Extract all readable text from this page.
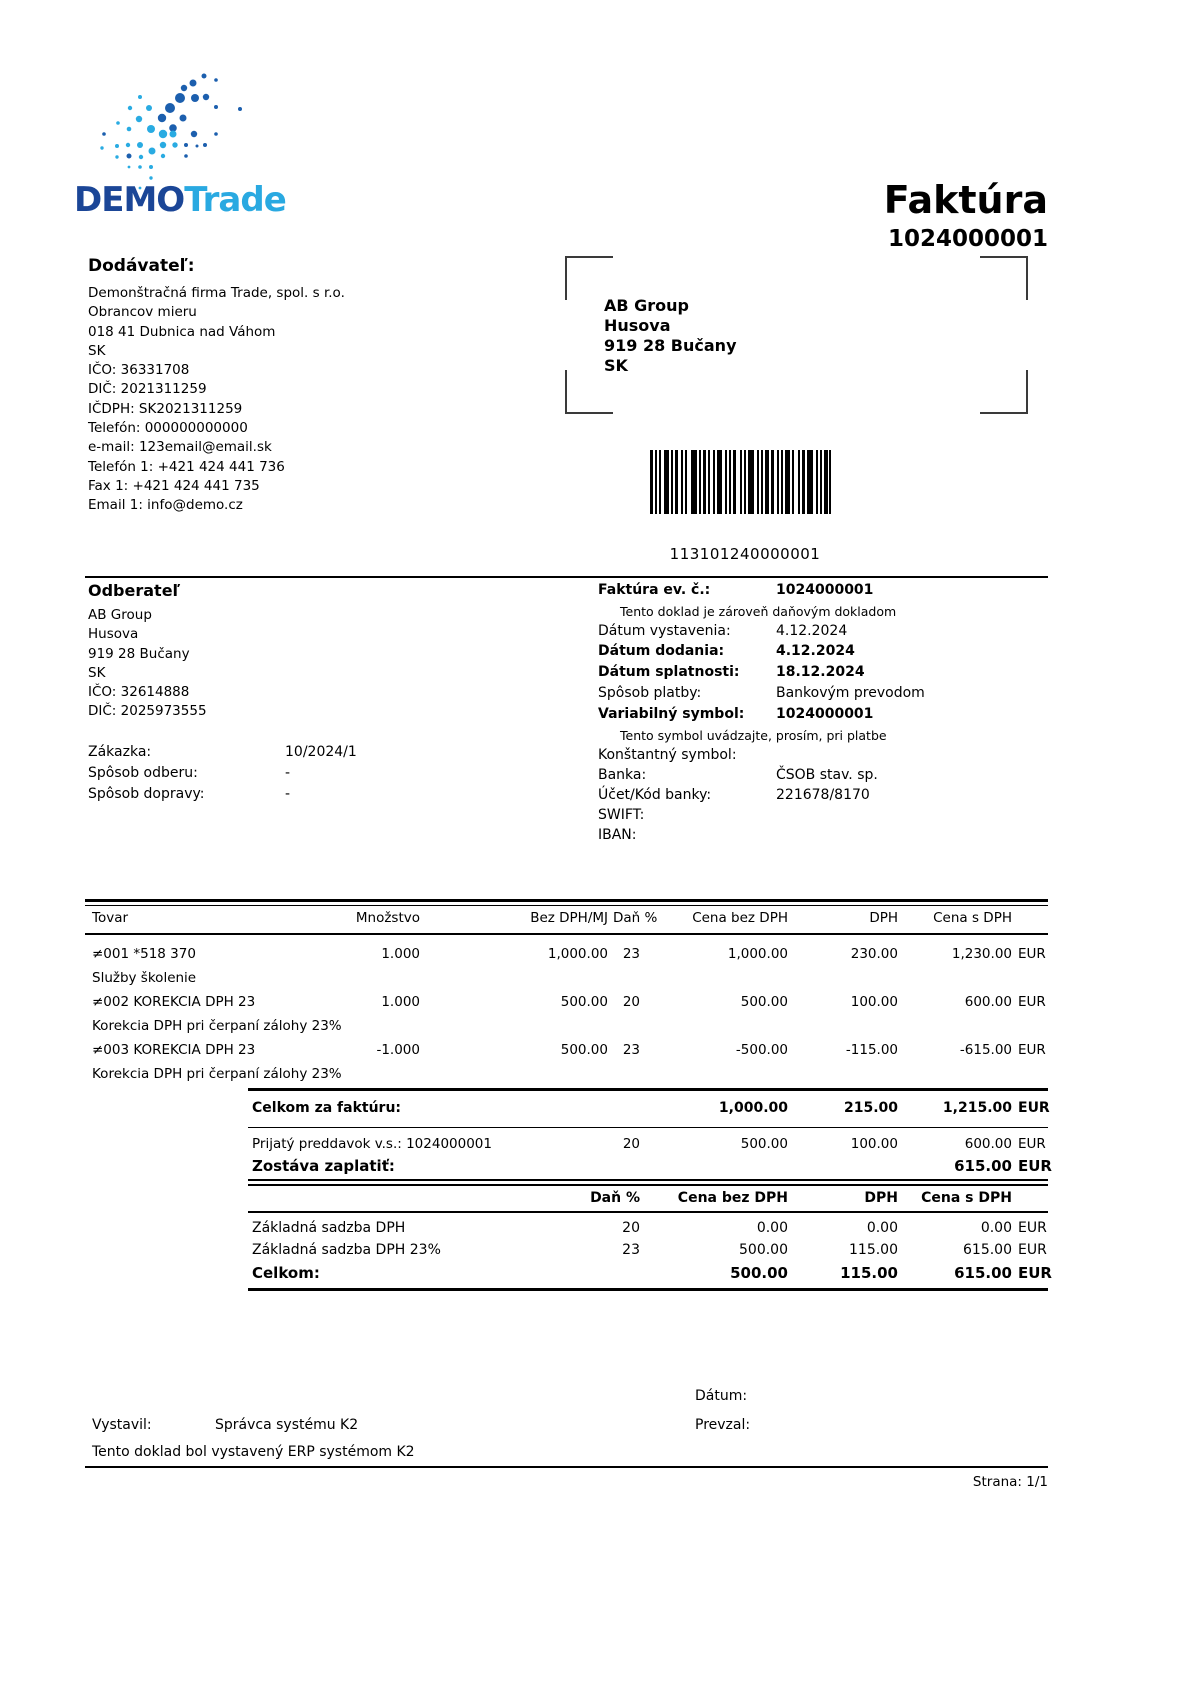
DEMOTrade	Faktúra
1024000001
Dodávateľ:
Demonštračná firma Trade, spol. s r.o.
Obrancov mieru
018 41 Dubnica nad Váhom
SK
IČO: 36331708
DIČ: 2021311259
IČDPH: SK2021311259
Telefón: 000000000000
e-mail: 123email@email.sk
Telefón 1: +421 424 441 736
Fax 1: +421 424 441 735
Email 1: info@demo.cz
AB Group
Husova
919 28 Bučany
SK
113101240000001
Odberateľ
AB Group
Husova
919 28 Bučany
SK
IČO: 32614888
DIČ: 2025973555
Zákazka:	10/2024/1
Spôsob odberu:	-
Spôsob dopravy:	-
Faktúra ev. č.:	1024000001
Tento doklad je zároveň daňovým dokladom
Dátum vystavenia:	4.12.2024
Dátum dodania:	4.12.2024
Dátum splatnosti:	18.12.2024
Spôsob platby:	Bankovým prevodom
Variabilný symbol: 1024000001
Tento symbol uvádzajte, prosím, pri platbe
Konštantný symbol:
Banka:	ČSOB stav. sp.
Účet/Kód banky:	221678/8170
SWIFT:
IBAN:
Tovar	Množstvo	Bez DPH/MJ Daň %	Cena bez DPH	DPH	Cena s DPH
≠001 *518 370	1.000	1,000.00	23	1,000.00	230.00	1,230.00 EUR
Služby školenie
≠002 KOREKCIA DPH 23	1.000	500.00	20	500.00	100.00	600.00 EUR
Korekcia DPH pri čerpaní zálohy 23%
≠003 KOREKCIA DPH 23	-1.000	500.00	23	-500.00	-115.00	-615.00 EUR
Korekcia DPH pri čerpaní zálohy 23%
Celkom za faktúru:	1,000.00	215.00	1,215.00 EUR
Prijatý preddavok v.s.: 1024000001	20	500.00	100.00	600.00 EUR
Zostáva zaplatiť:	615.00 EUR
Daň %	Cena bez DPH	DPH	Cena s DPH
Základná sadzba DPH	20	0.00	0.00	0.00 EUR
Základná sadzba DPH 23%	23	500.00	115.00	615.00 EUR
Celkom:	500.00	115.00	615.00 EUR
Dátum:
Vystavil:	Správca systému K2	Prevzal:
Tento doklad bol vystavený ERP systémom K2
Strana: 1/1
